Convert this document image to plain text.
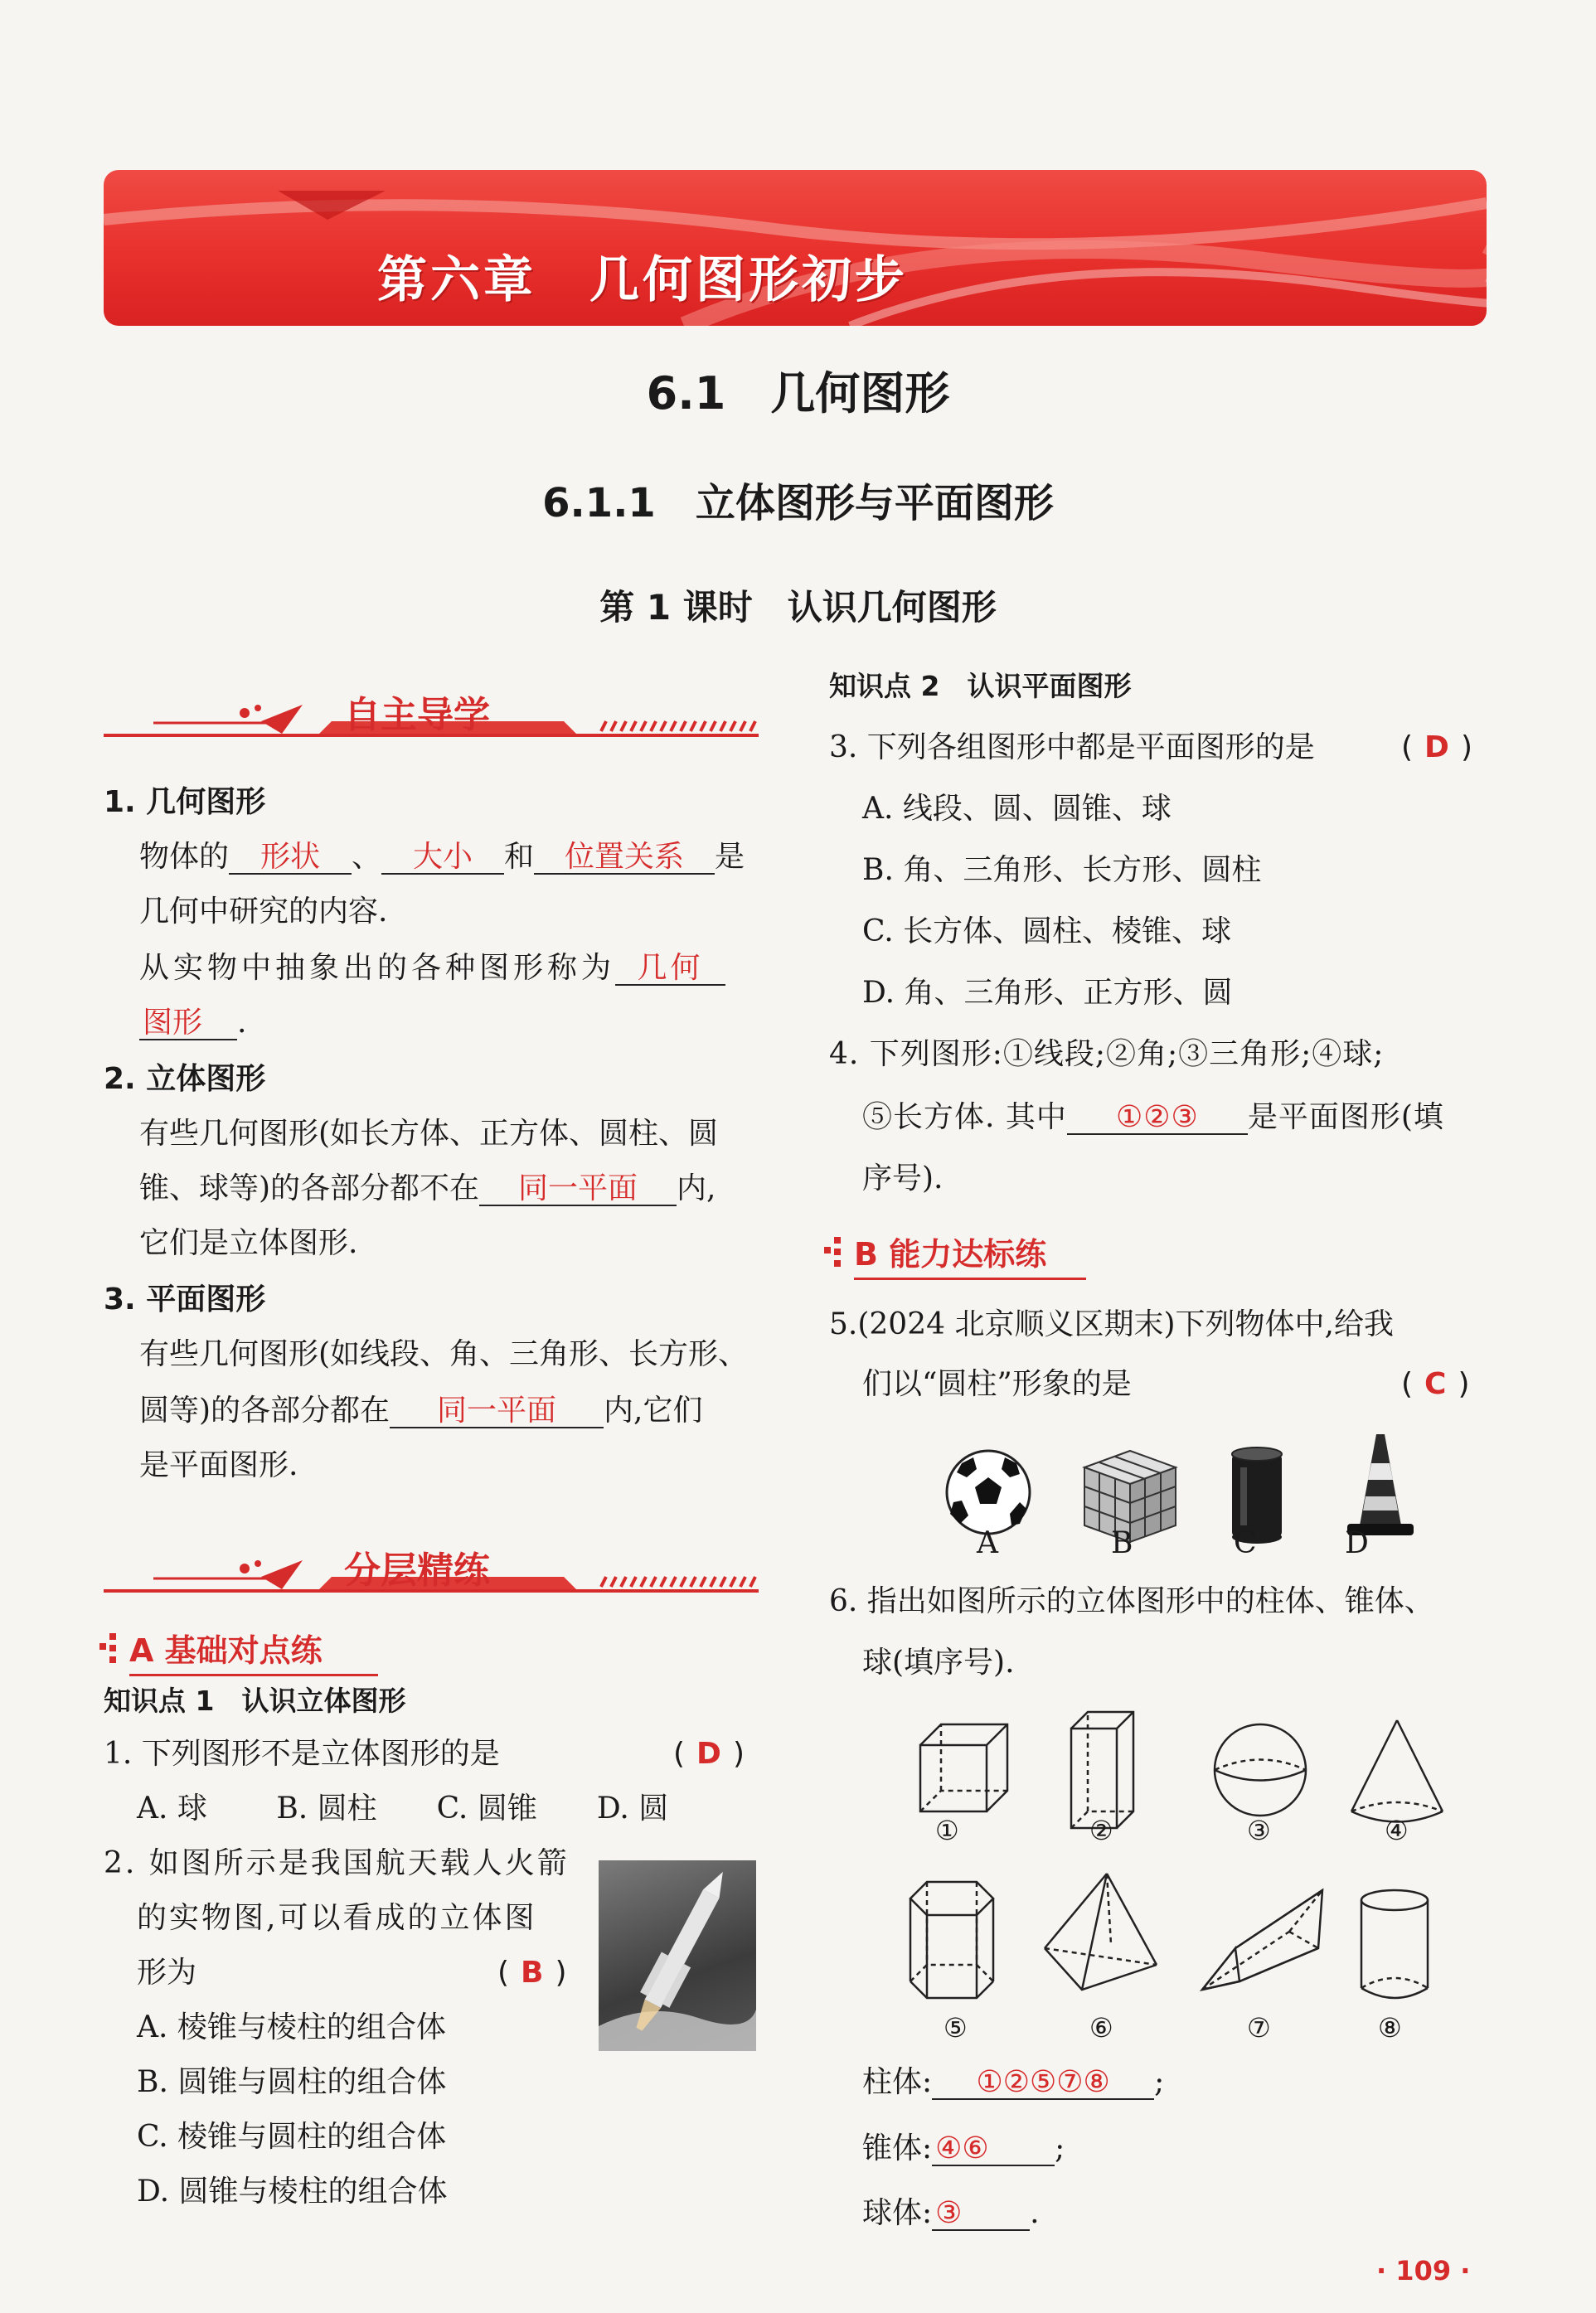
第六章　几何图形初步
6.1　几何图形
6.1.1　立体图形与平面图形
第 1 课时　认识几何图形
自主导学
1. 几何图形
物体的 形状 、 大小 和 位置关系 是
几何中研究的内容.
从实物中抽象出的各种图形称为 几何
图形 .
2. 立体图形
有些几何图形(如长方体、正方体、圆柱、圆
锥、球等)的各部分都不在 同一平面 内,
它们是立体图形.
3. 平面图形
有些几何图形(如线段、角、三角形、长方形、
圆等)的各部分都在 同一平面 内,它们
是平面图形.
分层精练
A 基础对点练
知识点 1　认识立体图形
1. 下列图形不是立体图形的是	( D )
A. 球　　 B. 圆柱　　C. 圆锥　　D. 圆
2. 如图所示是我国航天载人火箭
的实物图,可以看成的立体图
形为	( B )
A. 棱锥与棱柱的组合体
B. 圆锥与圆柱的组合体
C. 棱锥与圆柱的组合体
D. 圆锥与棱柱的组合体
知识点 2　认识平面图形
3. 下列各组图形中都是平面图形的是	( D )
A. 线段、圆、圆锥、球
B. 角、三角形、长方形、圆柱
C. 长方体、圆柱、棱锥、球
D. 角、三角形、正方形、圆
4. 下列图形:①线段;②角;③三角形;④球;
⑤长方体. 其中 ①②③ 是平面图形(填
序号).
B 能力达标练
5.(2024 北京顺义区期末)下列物体中,给我
们以“圆柱”形象的是	( C )
A	B	C	D
6. 指出如图所示的立体图形中的柱体、锥体、
球(填序号).
①	②	③	④
⑤	⑥	⑦	⑧
柱体: ①②⑤⑦⑧ ;
锥体: ④⑥ ;
球体: ③ .
· 109 ·
